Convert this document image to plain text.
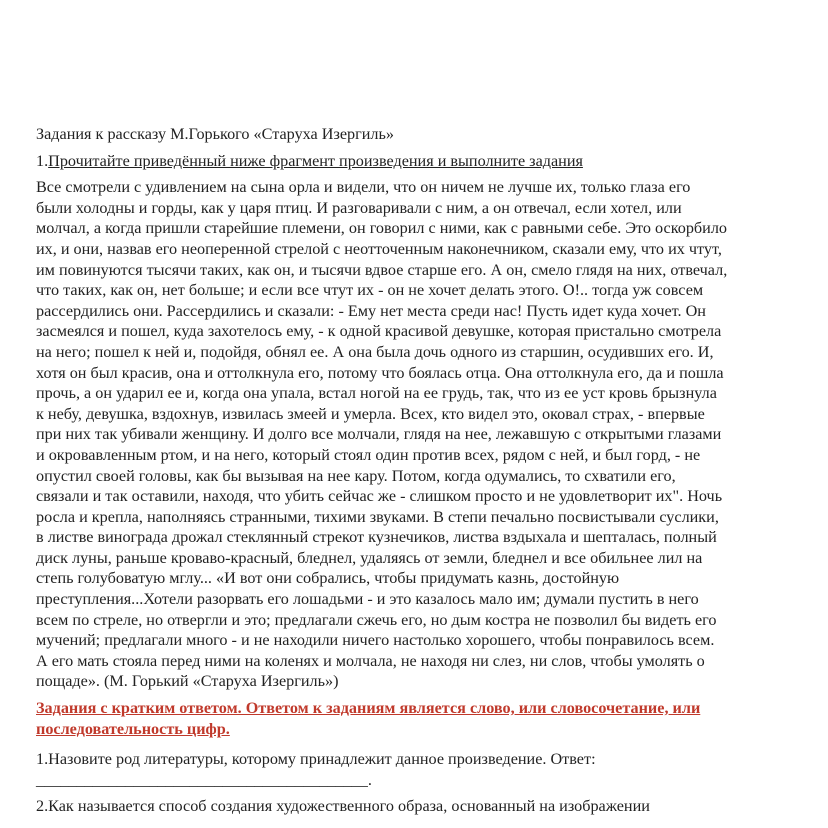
Задания к рассказу М.Горького «Старуха Изергиль»
1.Прочитайте приведённый ниже фрагмент произведения и выполните задания
Все смотрели с удивлением на сына орла и видели, что он ничем не лучше их, только глаза его
были холодны и горды, как у царя птиц. И разговаривали с ним, а он отвечал, если хотел, или
молчал, а когда пришли старейшие племени, он говорил с ними, как с равными себе. Это оскорбило
их, и они, назвав его неоперенной стрелой с неотточенным наконечником, сказали ему, что их чтут,
им повинуются тысячи таких, как он, и тысячи вдвое старше его. А он, смело глядя на них, отвечал,
что таких, как он, нет больше; и если все чтут их - он не хочет делать этого. О!.. тогда уж совсем
рассердились они. Рассердились и сказали: - Ему нет места среди нас! Пусть идет куда хочет. Он
засмеялся и пошел, куда захотелось ему, - к одной красивой девушке, которая пристально смотрела
на него; пошел к ней и, подойдя, обнял ее. А она была дочь одного из старшин, осудивших его. И,
хотя он был красив, она и оттолкнула его, потому что боялась отца. Она оттолкнула его, да и пошла
прочь, а он ударил ее и, когда она упала, встал ногой на ее грудь, так, что из ее уст кровь брызнула
к небу, девушка, вздохнув, извилась змеей и умерла. Всех, кто видел это, оковал страх, - впервые
при них так убивали женщину. И долго все молчали, глядя на нее, лежавшую с открытыми глазами
и окровавленным ртом, и на него, который стоял один против всех, рядом с ней, и был горд, - не
опустил своей головы, как бы вызывая на нее кару. Потом, когда одумались, то схватили его,
связали и так оставили, находя, что убить сейчас же - слишком просто и не удовлетворит их". Ночь
росла и крепла, наполняясь странными, тихими звуками. В степи печально посвистывали суслики,
в листве винограда дрожал стеклянный стрекот кузнечиков, листва вздыхала и шепталась, полный
диск луны, раньше кроваво-красный, бледнел, удаляясь от земли, бледнел и все обильнее лил на
степь голубоватую мглу... «И вот они собрались, чтобы придумать казнь, достойную
преступления...Хотели разорвать его лошадьми - и это казалось мало им; думали пустить в него
всем по стреле, но отвергли и это; предлагали сжечь его, но дым костра не позволил бы видеть его
мучений; предлагали много - и не находили ничего настолько хорошего, чтобы понравилось всем.
А его мать стояла перед ними на коленях и молчала, не находя ни слез, ни слов, чтобы умолять о
пощаде». (М. Горький «Старуха Изергиль»)
Задания с кратким ответом. Ответом к заданиям является слово, или словосочетание, или
последовательность цифр.
1.Назовите род литературы, которому принадлежит данное произведение. Ответ:
_________________________________________.
2.Как называется способ создания художественного образа, основанный на изображении
